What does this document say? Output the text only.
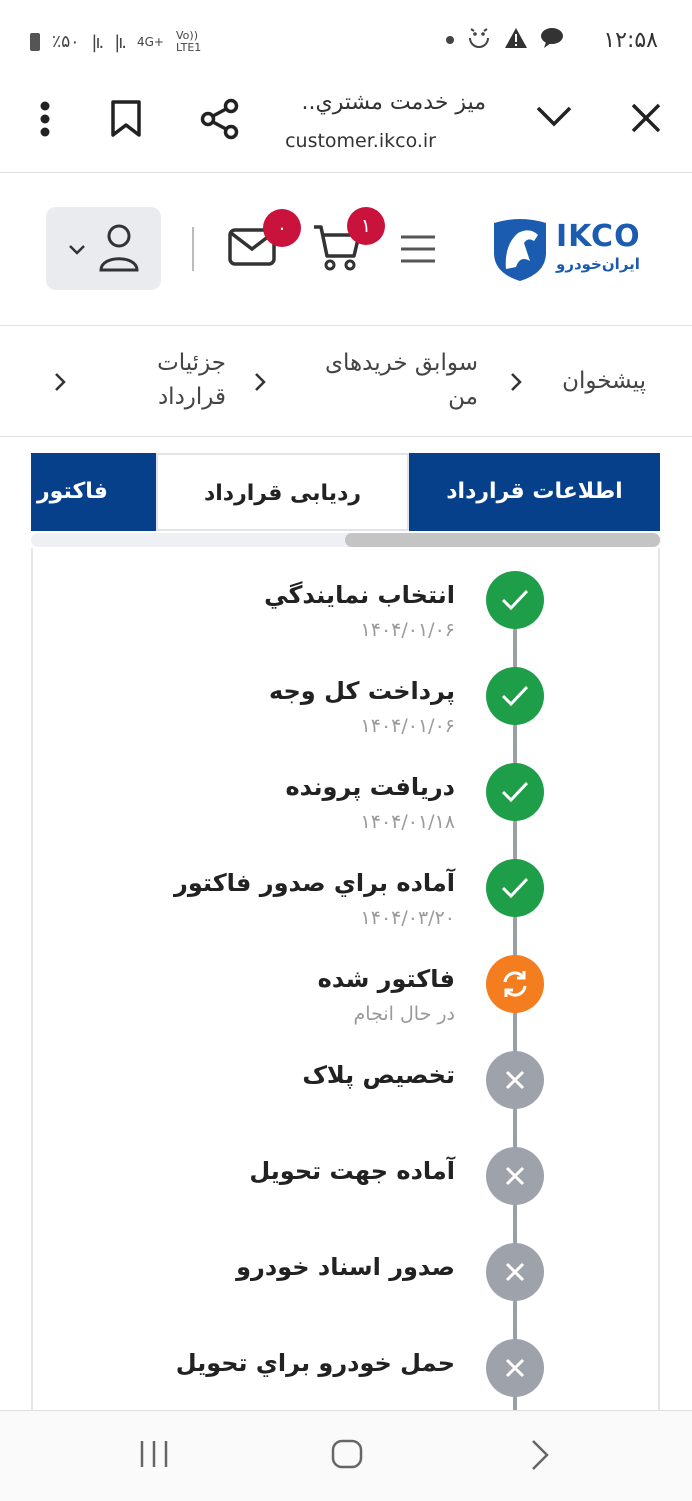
٪۵۰ |ı. |ı. 4G+ Vo)) LTE1	۱۲:۵۸
ميز خدمت مشتري..
customer.ikco.ir
۰	۱	IKCO
ایران‌خودرو
پیشخوان
سوابق خریدهای من
جزئیات قرارداد
اطلاعات قرارداد
ردیابی قرارداد
فاكتور
انتخاب نمايندگي
۱۴۰۴/۰۱/۰۶
پرداخت کل وجه
۱۴۰۴/۰۱/۰۶
دریافت پرونده
۱۴۰۴/۰۱/۱۸
آماده براي صدور فاکتور
۱۴۰۴/۰۳/۲۰
فاکتور شده
در حال انجام
تخصیص پلاک
آماده جهت تحویل
صدور اسناد خودرو
حمل خودرو براي تحویل
